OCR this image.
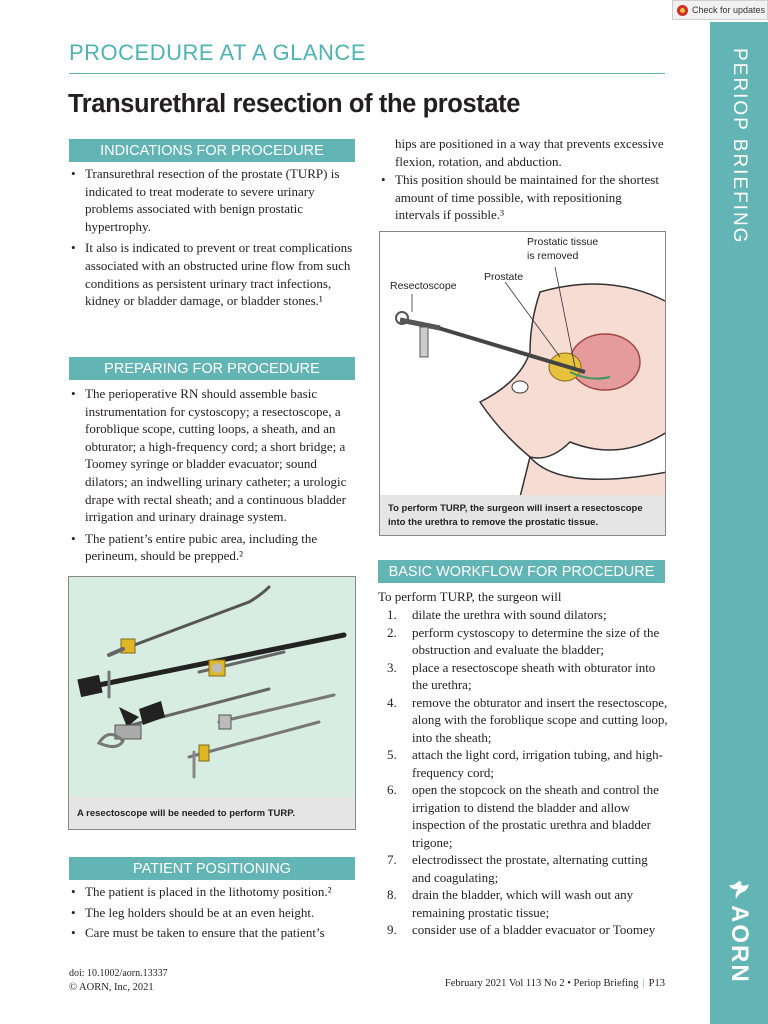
Check for updates
PERIOP BRIEFING
AORN
PROCEDURE AT A GLANCE
Transurethral resection of the prostate
INDICATIONS FOR PROCEDURE
• Transurethral resection of the prostate (TURP) is indicated to treat moderate to severe urinary problems associated with benign prostatic hypertrophy.
• It also is indicated to prevent or treat complications associated with an obstructed urine flow from such conditions as persistent urinary tract infections, kidney or bladder damage, or bladder stones.¹
PREPARING FOR PROCEDURE
• The perioperative RN should assemble basic instrumentation for cystoscopy; a resectoscope, a foroblique scope, cutting loops, a sheath, and an obturator; a high-frequency cord; a short bridge; a Toomey syringe or bladder evacuator; sound dilators; an indwelling urinary catheter; a urologic drape with rectal sheath; and a continuous bladder irrigation and urinary drainage system.
• The patient’s entire pubic area, including the perineum, should be prepped.²
A resectoscope will be needed to perform TURP.
PATIENT POSITIONING
• The patient is placed in the lithotomy position.²
• The leg holders should be at an even height.
• Care must be taken to ensure that the patient’s
hips are positioned in a way that prevents excessive flexion, rotation, and abduction.
• This position should be maintained for the shortest amount of time possible, with repositioning intervals if possible.³
Resectoscope
Prostate
Prostatic tissue
is removed
To perform TURP, the surgeon will insert a resectoscope into the urethra to remove the prostatic tissue.
BASIC WORKFLOW FOR PROCEDURE
To perform TURP, the surgeon will
1. dilate the urethra with sound dilators;
2. perform cystoscopy to determine the size of the obstruction and evaluate the bladder;
3. place a resectoscope sheath with obturator into the urethra;
4. remove the obturator and insert the resectoscope, along with the foroblique scope and cutting loop, into the sheath;
5. attach the light cord, irrigation tubing, and high-frequency cord;
6. open the stopcock on the sheath and control the irrigation to distend the bladder and allow inspection of the prostatic urethra and bladder trigone;
7. electrodissect the prostate, alternating cutting and coagulating;
8. drain the bladder, which will wash out any remaining prostatic tissue;
9. consider use of a bladder evacuator or Toomey
doi: 10.1002/aorn.13337
© AORN, Inc, 2021	February 2021 Vol 113 No 2 • Periop Briefing | P13
